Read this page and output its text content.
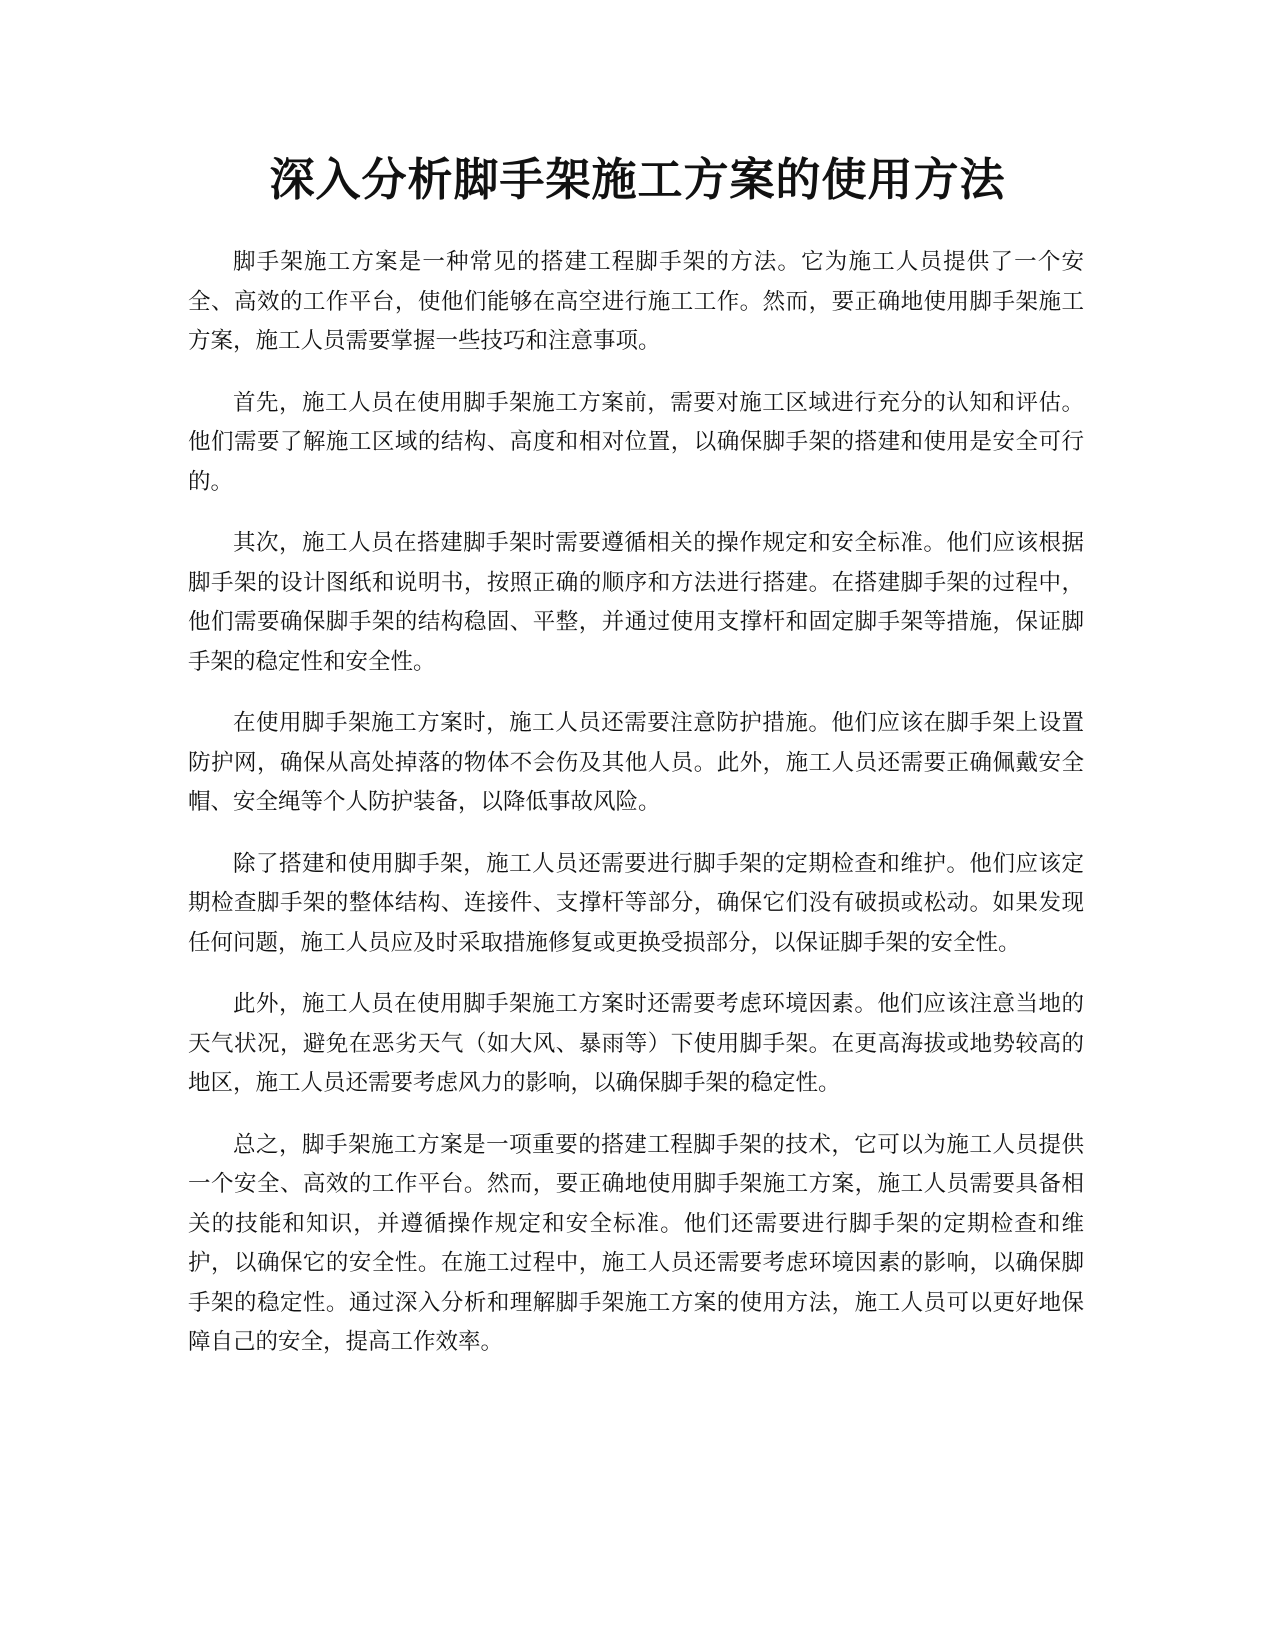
深入分析脚手架施工方案的使用方法

脚手架施工方案是一种常见的搭建工程脚手架的方法。它为施工人员提供了一个安全、高效的工作平台，使他们能够在高空进行施工工作。然而，要正确地使用脚手架施工方案，施工人员需要掌握一些技巧和注意事项。

首先，施工人员在使用脚手架施工方案前，需要对施工区域进行充分的认知和评估。他们需要了解施工区域的结构、高度和相对位置，以确保脚手架的搭建和使用是安全可行的。

其次，施工人员在搭建脚手架时需要遵循相关的操作规定和安全标准。他们应该根据脚手架的设计图纸和说明书，按照正确的顺序和方法进行搭建。在搭建脚手架的过程中，他们需要确保脚手架的结构稳固、平整，并通过使用支撑杆和固定脚手架等措施，保证脚手架的稳定性和安全性。

在使用脚手架施工方案时，施工人员还需要注意防护措施。他们应该在脚手架上设置防护网，确保从高处掉落的物体不会伤及其他人员。此外，施工人员还需要正确佩戴安全帽、安全绳等个人防护装备，以降低事故风险。

除了搭建和使用脚手架，施工人员还需要进行脚手架的定期检查和维护。他们应该定期检查脚手架的整体结构、连接件、支撑杆等部分，确保它们没有破损或松动。如果发现任何问题，施工人员应及时采取措施修复或更换受损部分，以保证脚手架的安全性。

此外，施工人员在使用脚手架施工方案时还需要考虑环境因素。他们应该注意当地的天气状况，避免在恶劣天气（如大风、暴雨等）下使用脚手架。在更高海拔或地势较高的地区，施工人员还需要考虑风力的影响，以确保脚手架的稳定性。

总之，脚手架施工方案是一项重要的搭建工程脚手架的技术，它可以为施工人员提供一个安全、高效的工作平台。然而，要正确地使用脚手架施工方案，施工人员需要具备相关的技能和知识，并遵循操作规定和安全标准。他们还需要进行脚手架的定期检查和维护，以确保它的安全性。在施工过程中，施工人员还需要考虑环境因素的影响，以确保脚手架的稳定性。通过深入分析和理解脚手架施工方案的使用方法，施工人员可以更好地保障自己的安全，提高工作效率。
